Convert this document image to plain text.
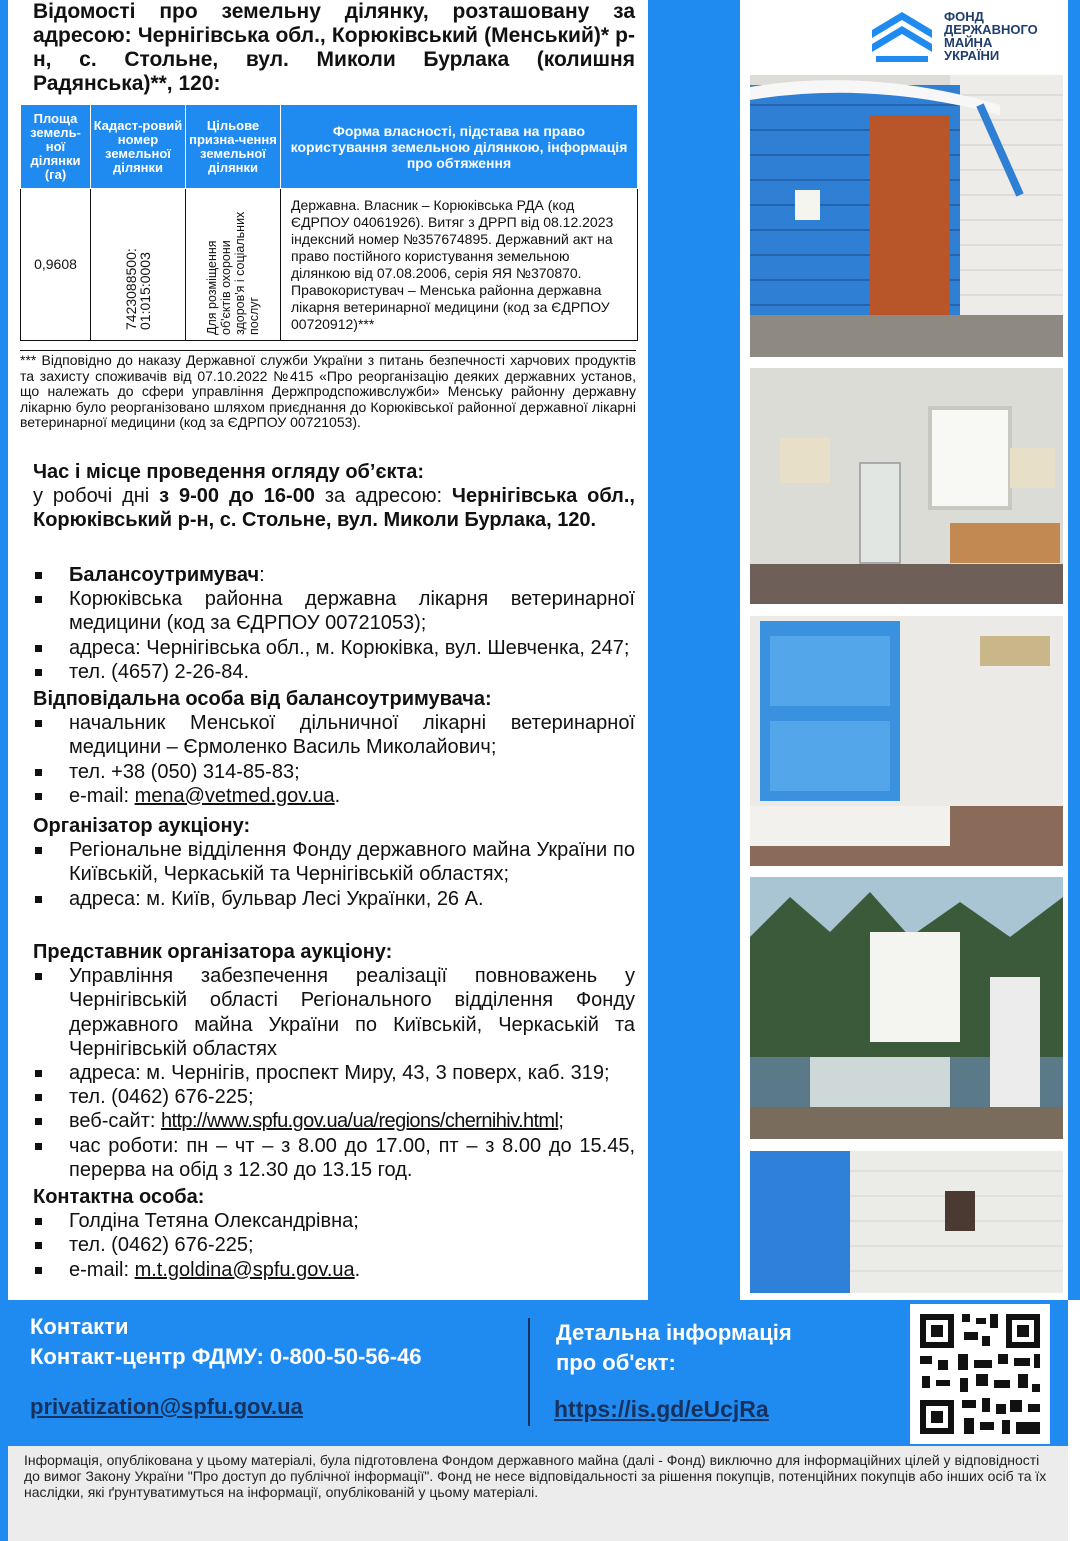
Відомості про земельну ділянку, розташовану за адресою: Чернігівська обл., Корюківський (Менський)* р-н, с. Стольне, вул. Миколи Бурлака (колишня Радянська)**, 120:

Площа земель-ної ділянки (га)	Кадаст-ровий номер земельної ділянки	Цільове призна-чення земельної ділянки	Форма власності, підстава на право користування земельною ділянкою, інформація про обтяження
0,9608	7423088500: 01:015:0003	Для розміщення об'єктів охорони здоров'я і соціальних послуг	Державна. Власник – Корюківська РДА (код ЄДРПОУ 04061926). Витяг з ДРРП від 08.12.2023 індексний номер №357674895. Державний акт на право постійного користування земельною ділянкою від 07.08.2006, серія ЯЯ №370870. Правокористувач – Менська районна державна лікарня ветеринарної медицини (код за ЄДРПОУ 00720912)***
*** Відповідно до наказу Державної служби України з питань безпечності харчових продуктів та захисту споживачів від 07.10.2022 №415 «Про реорганізацію деяких державних установ, що належать до сфери управління Держпродспоживслужби» Менську районну державну лікарню було реорганізовано шляхом приєднання до Корюківської районної державної лікарні ветеринарної медицини (код за ЄДРПОУ 00721053).
Час і місце проведення огляду об’єкта:
у робочі дні з 9-00 до 16-00 за адресою: Чернігівська обл., Корюківський р-н, с. Стольне, вул. Миколи Бурлака, 120.
Балансоутримувач:
Корюківська районна державна лікарня ветеринарної медицини (код за ЄДРПОУ 00721053);
адреса: Чернігівська обл., м. Корюківка, вул. Шевченка, 247;
тел. (4657) 2-26-84.
Відповідальна особа від балансоутримувача:
начальник Менської дільничної лікарні ветеринарної медицини – Єрмоленко Василь Миколайович;
тел. +38 (050) 314-85-83;
e-mail: mena@vetmed.gov.ua.
Організатор аукціону:
Регіональне відділення Фонду державного майна України по Київській, Черкаській та Чернігівській областях;
адреса: м. Київ, бульвар Лесі Українки, 26 А.
Представник організатора аукціону:
Управління забезпечення реалізації повноважень у Чернігівській області Регіонального відділення Фонду державного майна України по Київській, Черкаській та Чернігівській областях
адреса: м. Чернігів, проспект Миру, 43, 3 поверх, каб. 319;
тел. (0462) 676-225;
веб-сайт: http://www.spfu.gov.ua/ua/regions/chernihiv.html;
час роботи: пн – чт – з 8.00 до 17.00, пт – з 8.00 до 15.45, перерва на обід з 12.30 до 13.15 год.
Контактна особа:
Голдіна Тетяна Олександрівна;
тел. (0462) 676-225;
e-mail: m.t.goldina@spfu.gov.ua.
ФОНД
ДЕРЖАВНОГО
МАЙНА
УКРАЇНИ
Контакти
Контакт-центр ФДМУ: 0-800-50-56-46
privatization@spfu.gov.ua
Детальна інформація
про об'єкт:
https://is.gd/eUcjRa

Інформація, опублікована у цьому матеріалі, була підготовлена Фондом державного майна (далі - Фонд) виключно для інформаційних цілей у відповідності до вимог Закону України "Про доступ до публічної інформації". Фонд не несе відповідальності за рішення покупців, потенційних покупців або інших осіб та їх наслідки, які ґрунтуватимуться на інформації, опублікованій у цьому матеріалі.
